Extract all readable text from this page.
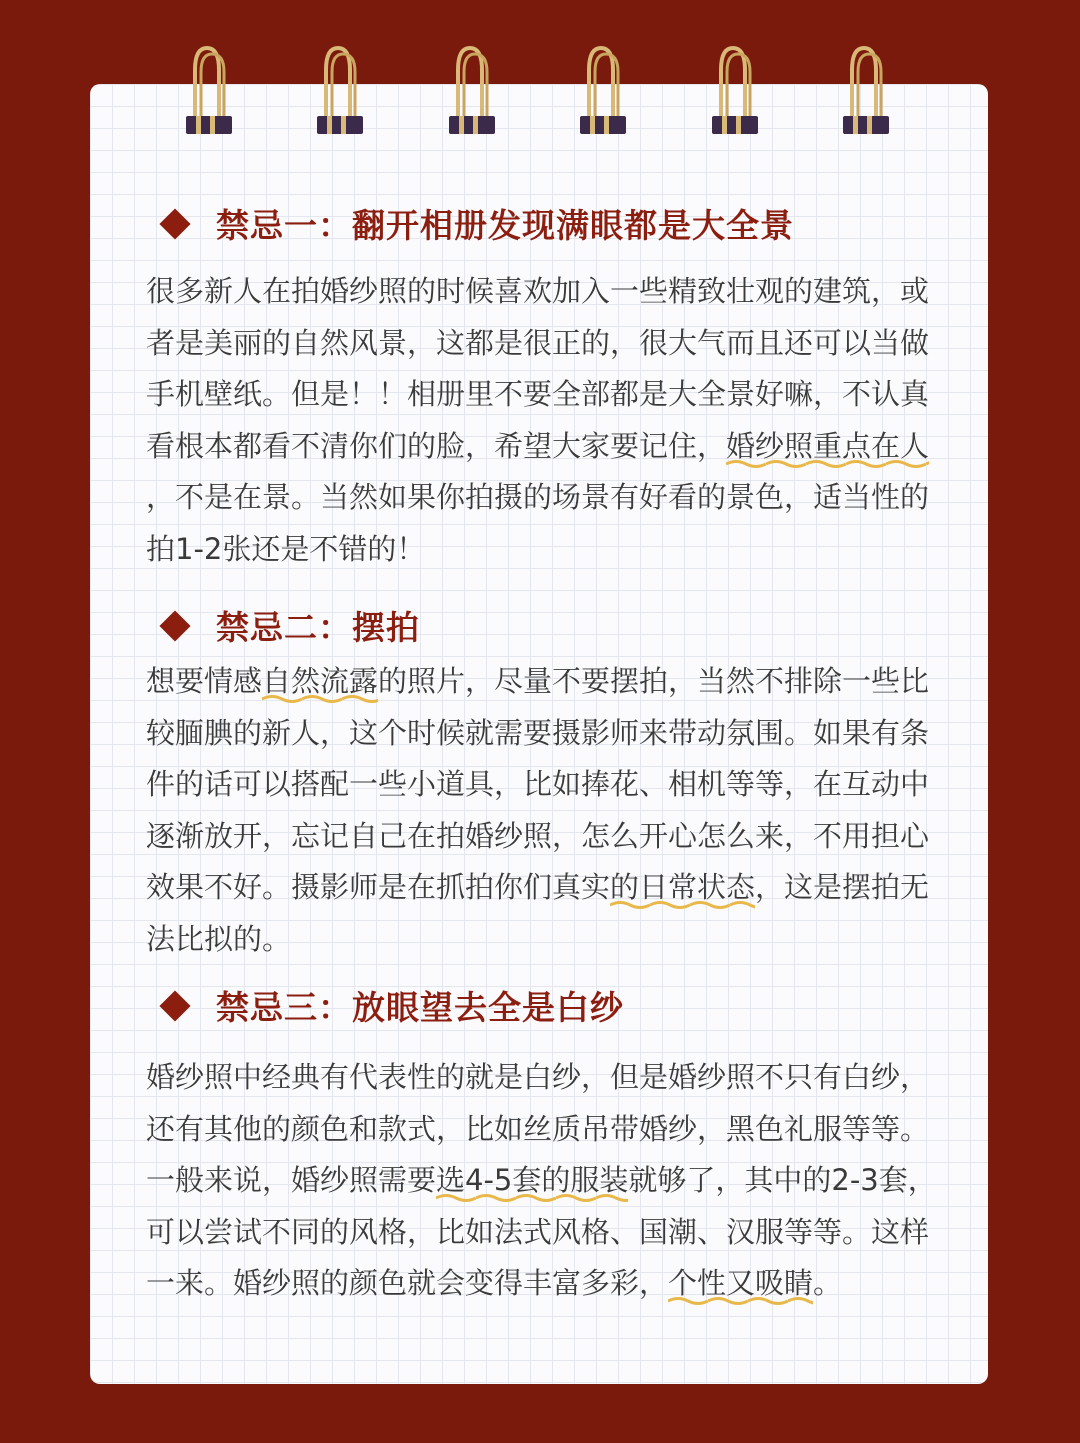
禁忌一：翻开相册发现满眼都是大全景

很多新人在拍婚纱照的时候喜欢加入一些精致壮观的建筑，或

者是美丽的自然风景，这都是很正的，很大气而且还可以当做

手机壁纸。但是！！相册里不要全部都是大全景好嘛，不认真

看根本都看不清你们的脸，希望大家要记住，婚纱照重点在人

，不是在景。当然如果你拍摄的场景有好看的景色，适当性的

拍1-2张还是不错的！

禁忌二：摆拍

想要情感自然流露的照片，尽量不要摆拍，当然不排除一些比

较腼腆的新人，这个时候就需要摄影师来带动氛围。如果有条

件的话可以搭配一些小道具，比如捧花、相机等等，在互动中

逐渐放开，忘记自己在拍婚纱照，怎么开心怎么来，不用担心

效果不好。摄影师是在抓拍你们真实的日常状态，这是摆拍无

法比拟的。

禁忌三：放眼望去全是白纱

婚纱照中经典有代表性的就是白纱，但是婚纱照不只有白纱，

还有其他的颜色和款式，比如丝质吊带婚纱，黑色礼服等等。

一般来说，婚纱照需要选4-5套的服装就够了，其中的2-3套，

可以尝试不同的风格，比如法式风格、国潮、汉服等等。这样

一来。婚纱照的颜色就会变得丰富多彩，个性又吸睛。
